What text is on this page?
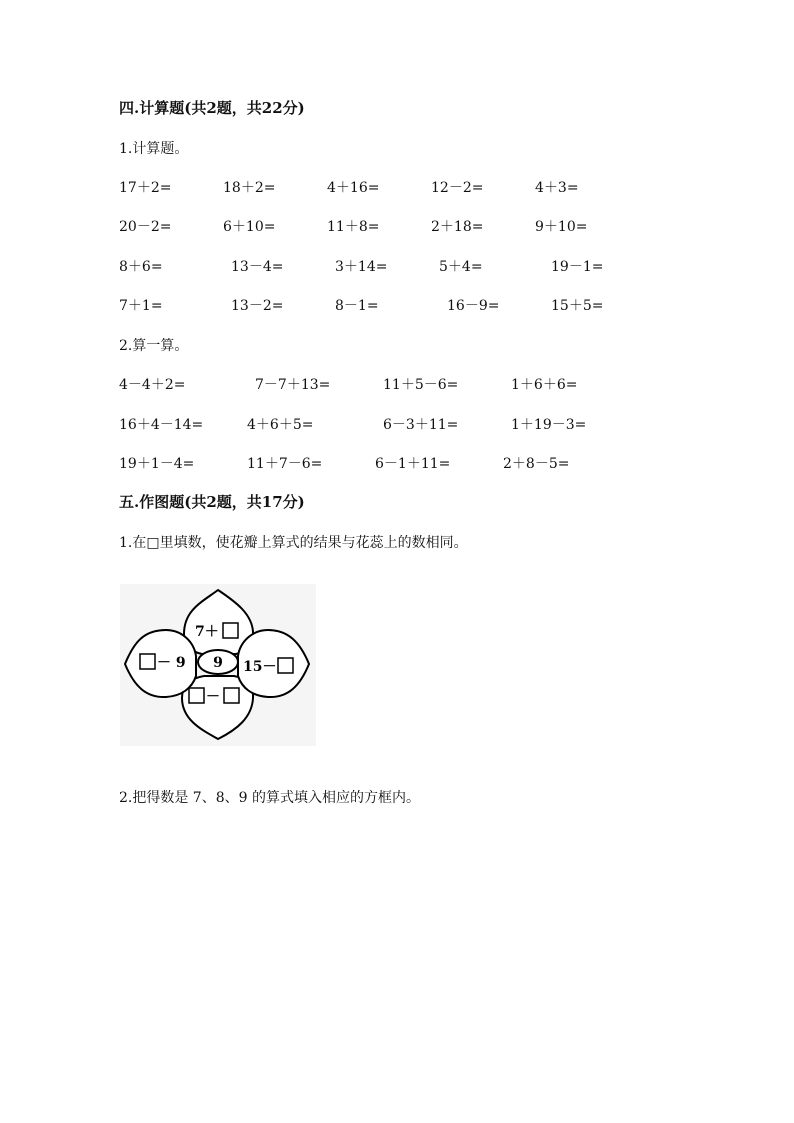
四.计算题(共2题，共22分)
1.计算题。
17＋2=	18＋2=	4＋16=	12－2=	4＋3=
20－2=	6＋10=	11＋8=	2＋18=	9＋10=
8＋6=	13－4=	3＋14=	5＋4=	19－1=
7＋1=	13－2=	8－1=	16－9=	15＋5=
2.算一算。
4－4＋2=	7－7＋13=	11＋5－6=	1＋6＋6=
16＋4－14=	4＋6＋5=	6－3＋11=	1＋19－3=
19＋1－4=	11＋7－6=	6－1＋11=	2＋8－5=
五.作图题(共2题，共17分)
1.在□里填数，使花瓣上算式的结果与花蕊上的数相同。
9
7＋
－ 9	15－
－
2.把得数是 7、8、9 的算式填入相应的方框内。
